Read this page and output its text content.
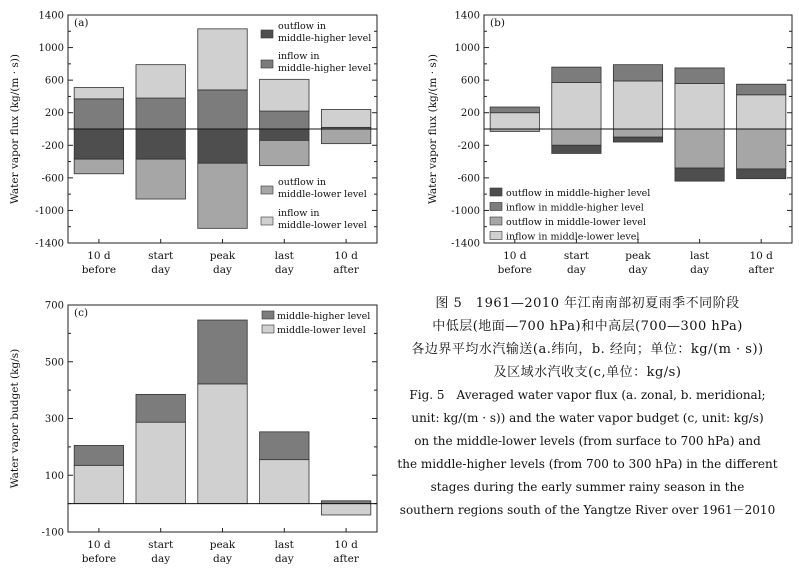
1400
1000
600
200
-200
-600
-1000
-1400
10 d
before
start
day
peak
day
last
day
10 d
after
Water vapor flux (kg/(m · s))
(a)	outflow in
middle-higher level
inflow in
middle-higher level
outflow in
middle-lower level
inflow in
middle-lower level
1400
1000
600
200
-200
-600
-1000
-1400
10 d
before
start
day
peak
day
last
day
10 d
after
Water vapor flux (kg/(m · s))
(b)
outflow in middle-higher level
inflow in middle-higher level
outflow in middle-lower level
inflow in middle-lower level
700
500
300
100
-100
10 d
before
start
day
peak
day
last
day
10 d
after
Water vapor budget (kg/s)
(c)	middle-higher level
middle-lower level
图 5　1961—2010 年江南南部初夏雨季不同阶段
中低层(地面—700 hPa)和中高层(700—300 hPa)
各边界平均水汽输送(a.纬向，b. 经向；单位：kg/(m · s))
及区域水汽收支(c,单位：kg/s)
Fig. 5　Averaged water vapor flux (a. zonal, b. meridional;
unit: kg/(m · s)) and the water vapor budget (c, unit: kg/s)
on the middle-lower levels (from surface to 700 hPa) and
the middle-higher levels (from 700 to 300 hPa) in the different
stages during the early summer rainy season in the
southern regions south of the Yangtze River over 1961－2010
